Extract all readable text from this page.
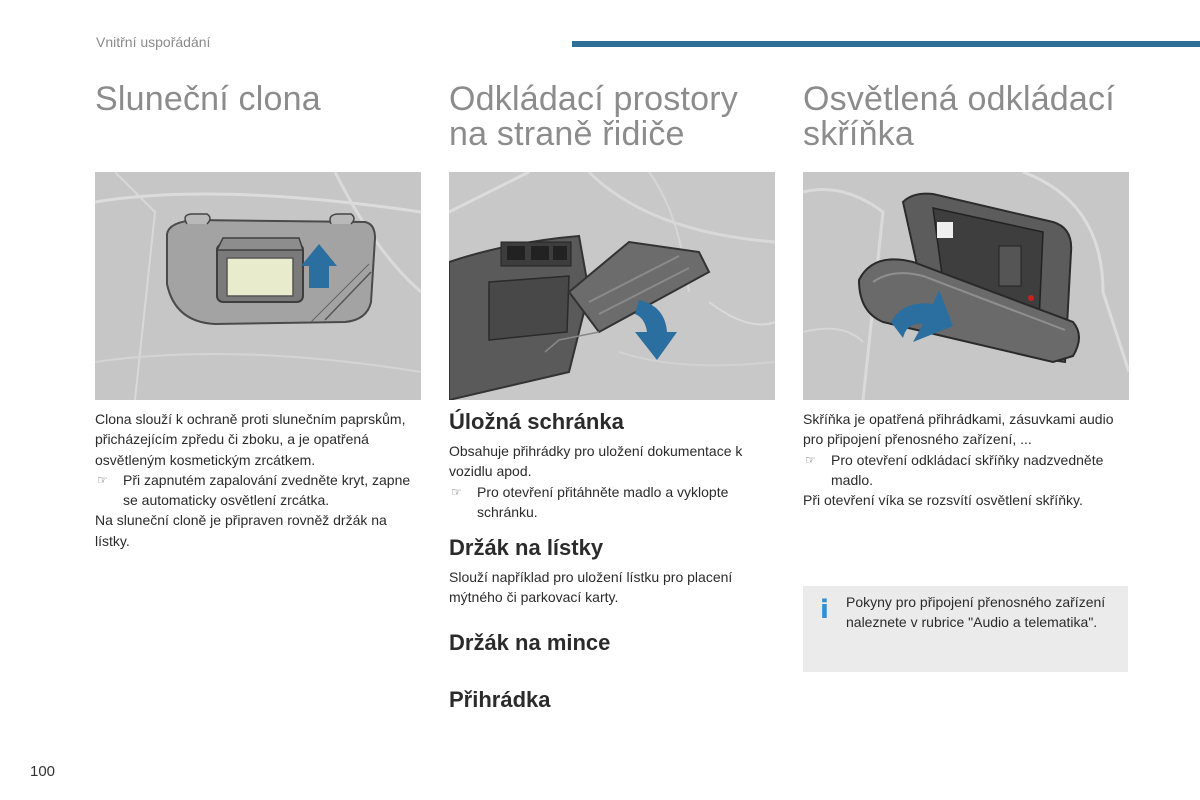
Vnitřní uspořádání
Sluneční clona	Odkládací prostory na straně řidiče
Osvětlená odkládací skříňka

Clona slouží k ochraně proti slunečním paprskům, přicházejícím zpředu či zboku, a je opatřená osvětleným kosmetickým zrcátkem.

☞ Při zapnutém zapalování zvedněte kryt, zapne se automaticky osvětlení zrcátka.

Na sluneční cloně je připraven rovněž držák na lístky.

Úložná schránka

Obsahuje přihrádky pro uložení dokumentace k vozidlu apod.

☞ Pro otevření přitáhněte madlo a vyklopte schránku.

Držák na lístky

Slouží například pro uložení lístku pro placení mýtného či parkovací karty.

Držák na mince
Přihrádka

Skříňka je opatřená přihrádkami, zásuvkami audio pro připojení přenosného zařízení, ...

☞ Pro otevření odkládací skříňky nadzvedněte madlo.

Při otevření víka se rozsvítí osvětlení skříňky.

i Pokyny pro připojení přenosného zařízení naleznete v rubrice "Audio a telematika".
100
